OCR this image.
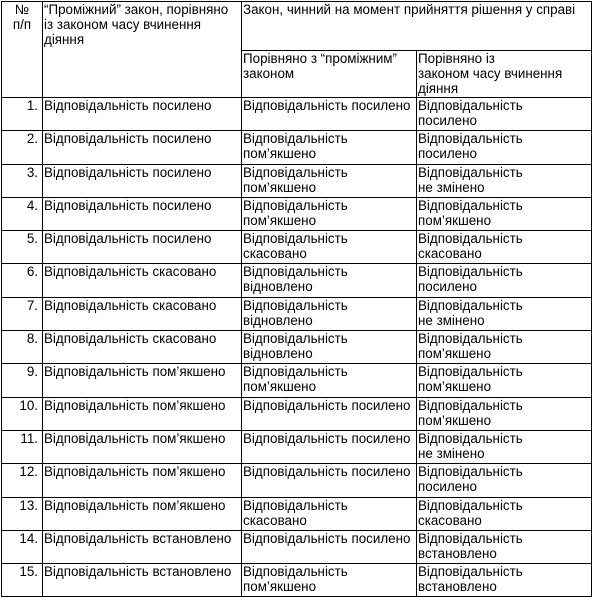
№
п/п	“Проміжний” закон, порівняно із законом часу вчинення діяння	Закон, чинний на момент прийняття рішення у справі	
		Порівняно з “проміжним” законом	Порівняно із
законом часу вчинення діяння
1.	Відповідальність посилено	Відповідальність посилено	Відповідальність
посилено
2.	Відповідальність посилено	Відповідальність
пом’якшено	Відповідальність
посилено
3.	Відповідальність посилено	Відповідальність
пом’якшено	Відповідальність
не змінено
4.	Відповідальність посилено	Відповідальність
пом’якшено	Відповідальність
пом’якшено
5.	Відповідальність посилено	Відповідальність
скасовано	Відповідальність
скасовано
6.	Відповідальність скасовано	Відповідальність
відновлено	Відповідальність
посилено
7.	Відповідальність скасовано	Відповідальність
відновлено	Відповідальність
не змінено
8.	Відповідальність скасовано	Відповідальність
відновлено	Відповідальність
пом’якшено
9.	Відповідальність пом’якшено	Відповідальність
пом’якшено	Відповідальність
пом’якшено
10.	Відповідальність пом’якшено	Відповідальність посилено	Відповідальність
пом’якшено
11.	Відповідальність пом’якшено	Відповідальність посилено	Відповідальність
не змінено
12.	Відповідальність пом’якшено	Відповідальність посилено	Відповідальність
посилено
13.	Відповідальність пом’якшено	Відповідальність
скасовано	Відповідальність
скасовано
14.	Відповідальність встановлено	Відповідальність посилено	Відповідальність
встановлено
15.	Відповідальність встановлено	Відповідальність
пом’якшено	Відповідальність
встановлено
